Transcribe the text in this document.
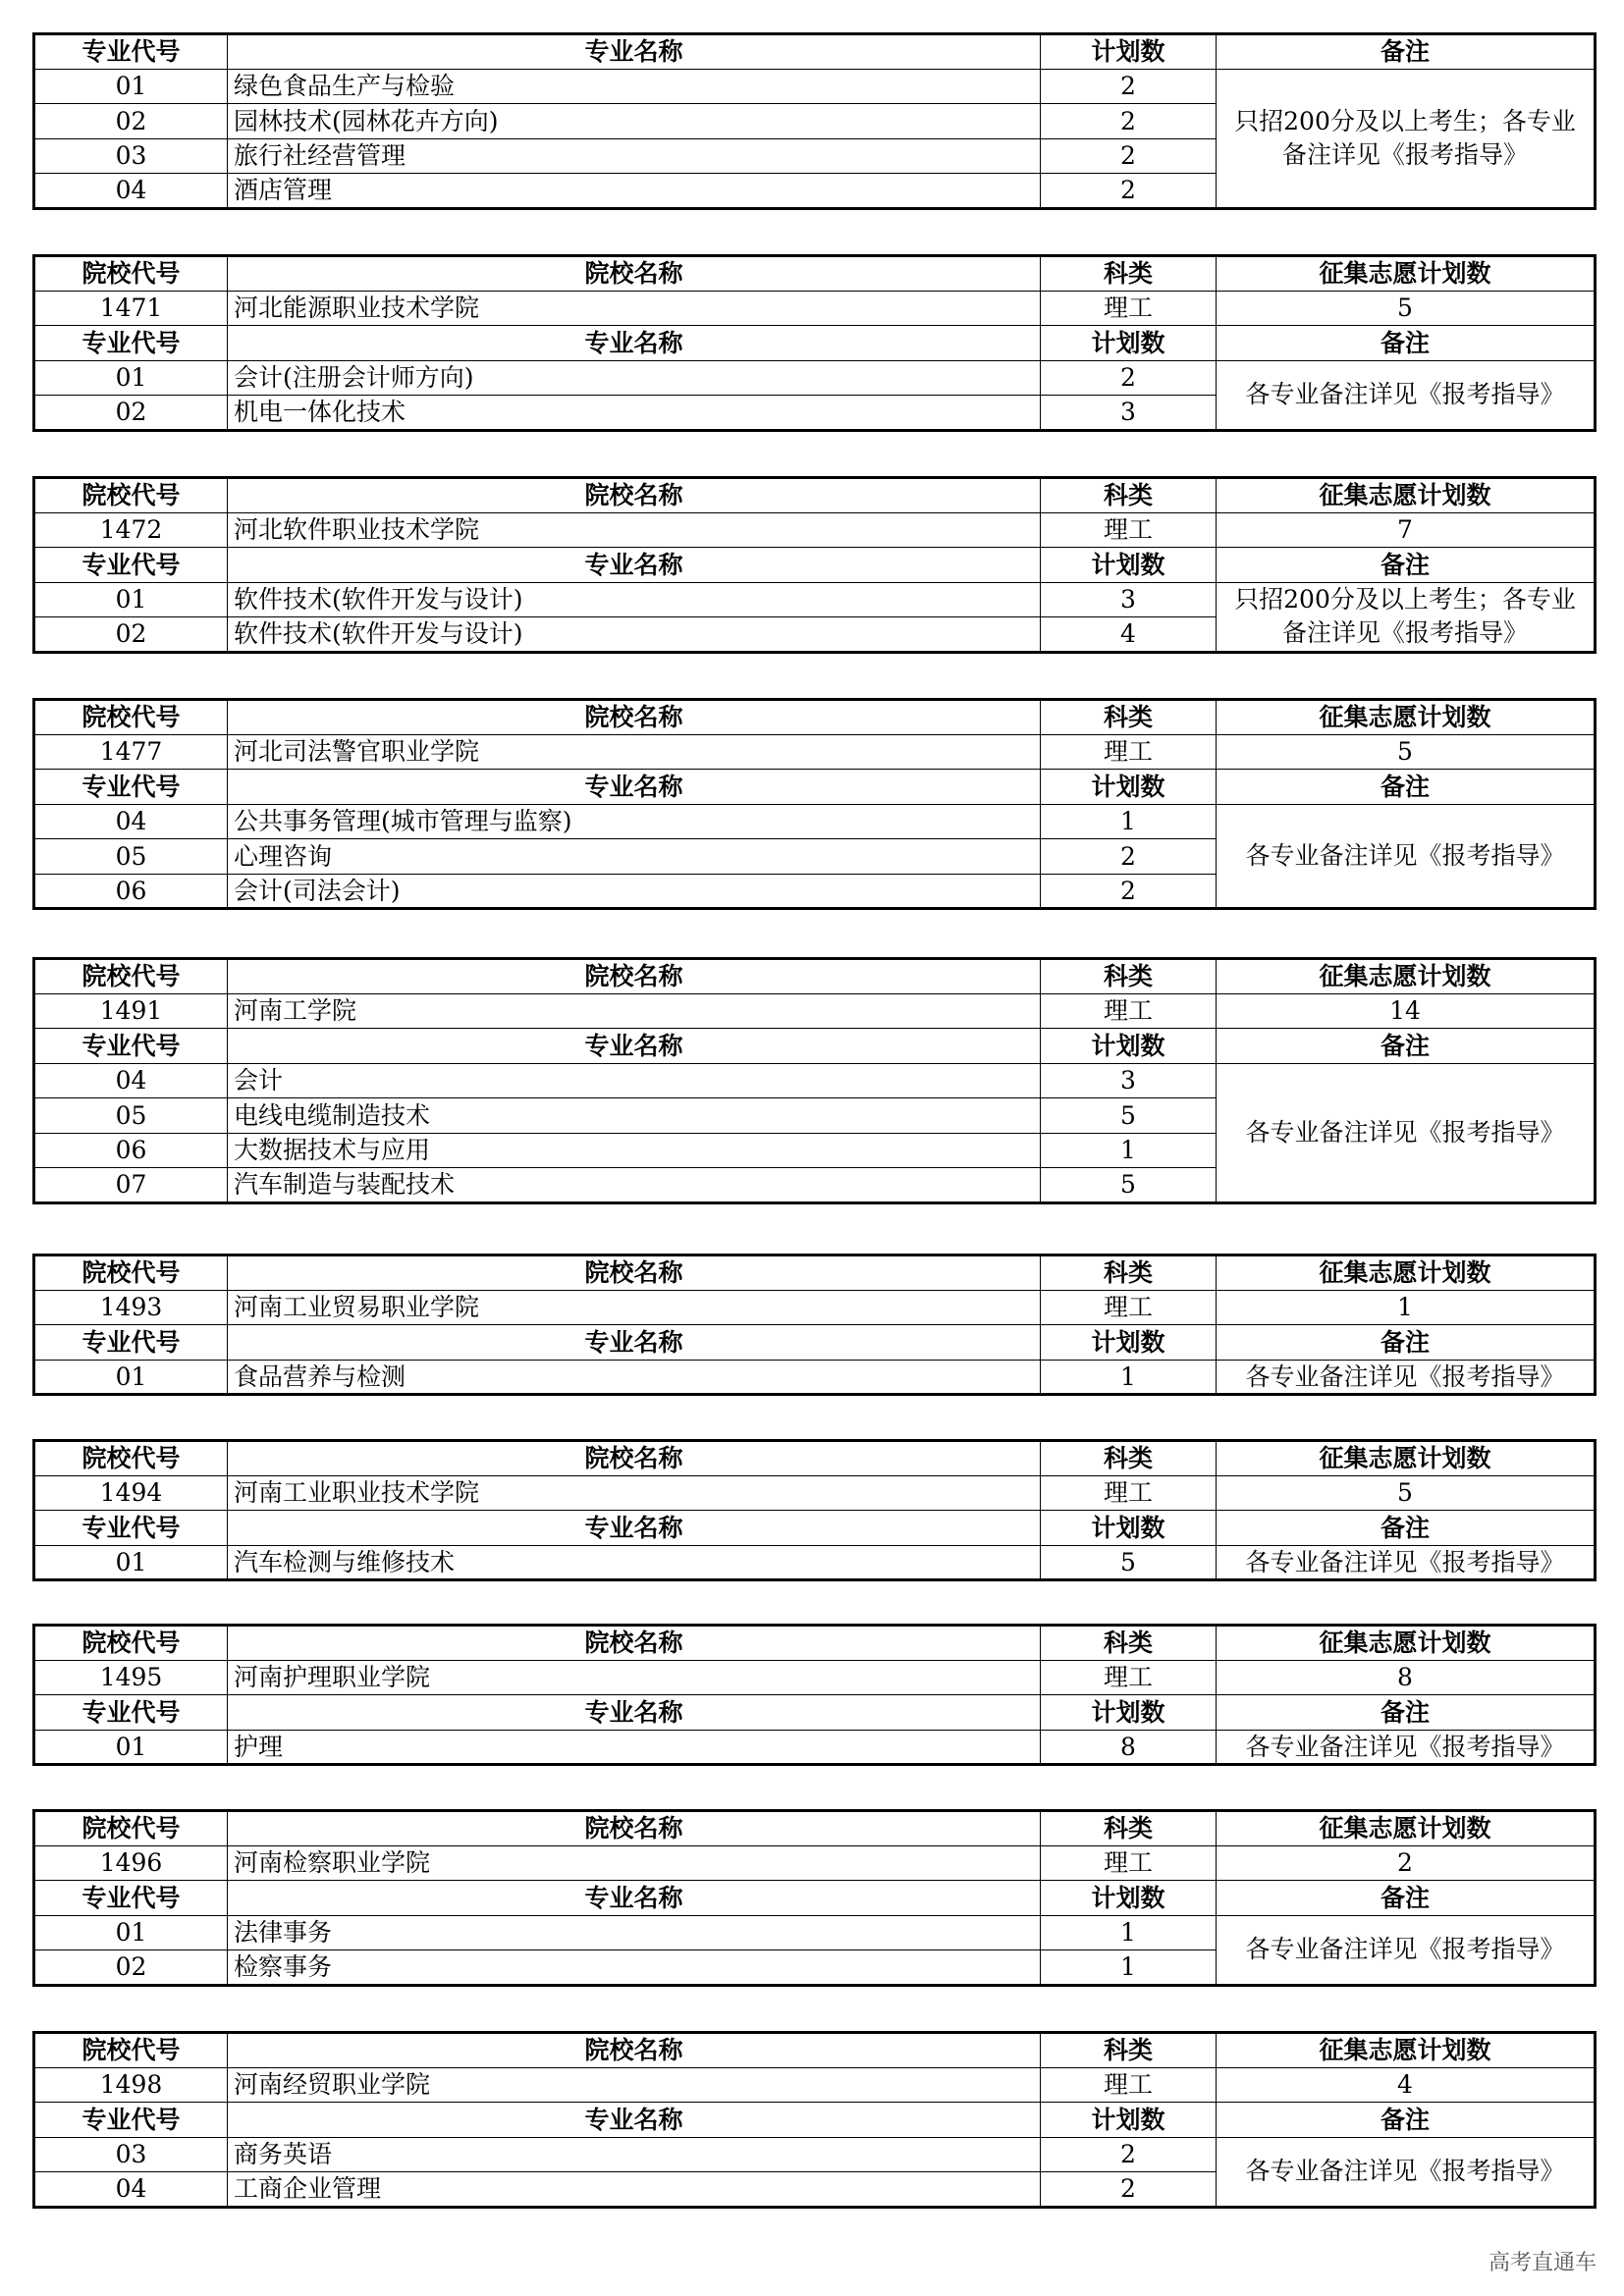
专业代号	专业名称	计划数	备注
01	绿色食品生产与检验	2	只招200分及以上考生；各专业备注详见《报考指导》
02	园林技术(园林花卉方向)	2	
03	旅行社经营管理	2	
04	酒店管理	2	
院校代号	院校名称	科类	征集志愿计划数
1471	河北能源职业技术学院	理工	5
专业代号	专业名称	计划数	备注
01	会计(注册会计师方向)	2	各专业备注详见《报考指导》
02	机电一体化技术	3	
院校代号	院校名称	科类	征集志愿计划数
1472	河北软件职业技术学院	理工	7
专业代号	专业名称	计划数	备注
01	软件技术(软件开发与设计)	3	只招200分及以上考生；各专业备注详见《报考指导》
02	软件技术(软件开发与设计)	4	
院校代号	院校名称	科类	征集志愿计划数
1477	河北司法警官职业学院	理工	5
专业代号	专业名称	计划数	备注
04	公共事务管理(城市管理与监察)	1	各专业备注详见《报考指导》
05	心理咨询	2	
06	会计(司法会计)	2	
院校代号	院校名称	科类	征集志愿计划数
1491	河南工学院	理工	14
专业代号	专业名称	计划数	备注
04	会计	3	各专业备注详见《报考指导》
05	电线电缆制造技术	5	
06	大数据技术与应用	1	
07	汽车制造与装配技术	5	
院校代号	院校名称	科类	征集志愿计划数
1493	河南工业贸易职业学院	理工	1
专业代号	专业名称	计划数	备注
01	食品营养与检测	1	各专业备注详见《报考指导》
院校代号	院校名称	科类	征集志愿计划数
1494	河南工业职业技术学院	理工	5
专业代号	专业名称	计划数	备注
01	汽车检测与维修技术	5	各专业备注详见《报考指导》
院校代号	院校名称	科类	征集志愿计划数
1495	河南护理职业学院	理工	8
专业代号	专业名称	计划数	备注
01	护理	8	各专业备注详见《报考指导》
院校代号	院校名称	科类	征集志愿计划数
1496	河南检察职业学院	理工	2
专业代号	专业名称	计划数	备注
01	法律事务	1	各专业备注详见《报考指导》
02	检察事务	1	
院校代号	院校名称	科类	征集志愿计划数
1498	河南经贸职业学院	理工	4
专业代号	专业名称	计划数	备注
03	商务英语	2	各专业备注详见《报考指导》
04	工商企业管理	2	
高考直通车
